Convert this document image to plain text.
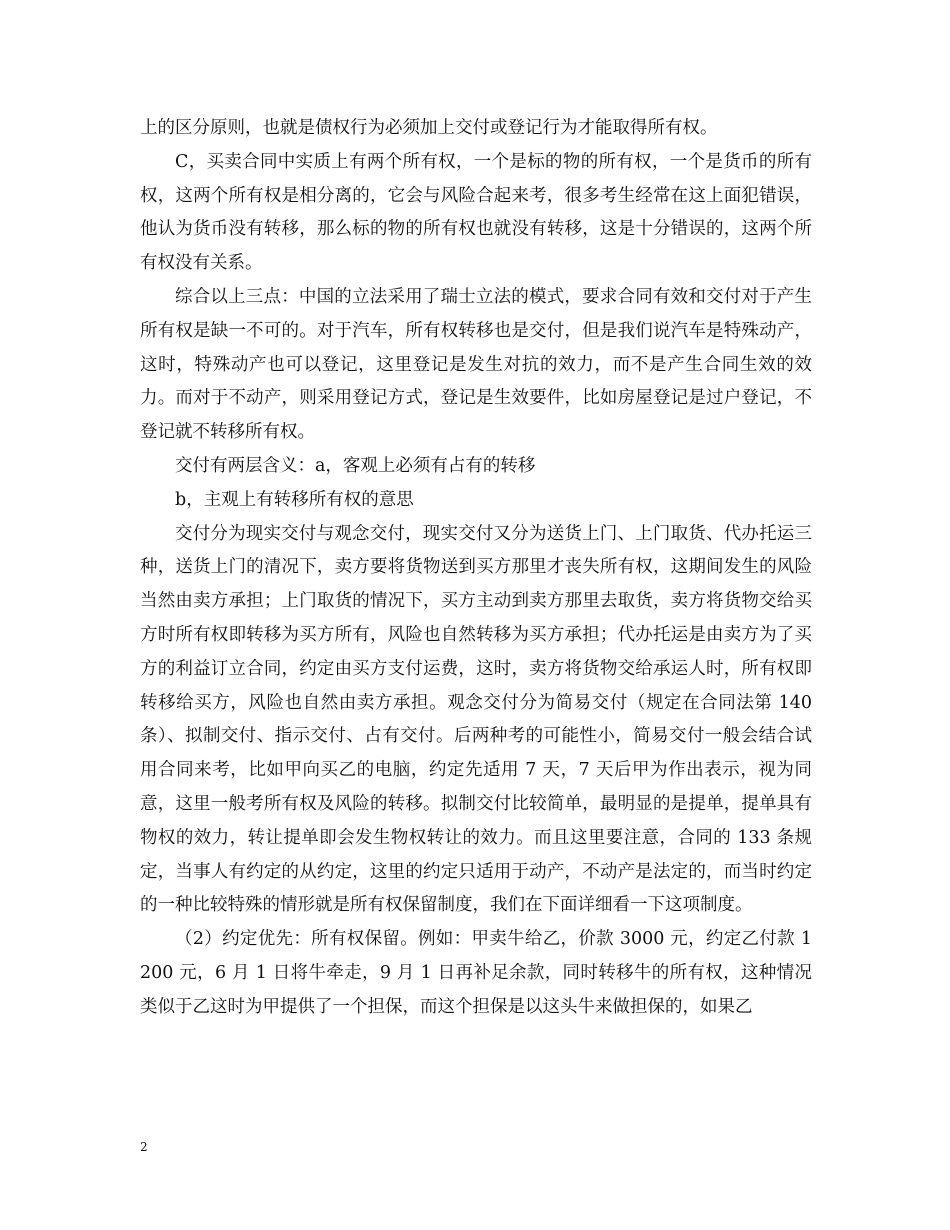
上的区分原则，也就是债权行为必须加上交付或登记行为才能取得所有权。

C，买卖合同中实质上有两个所有权，一个是标的物的所有权，一个是货币的所有权，这两个所有权是相分离的，它会与风险合起来考，很多考生经常在这上面犯错误，他认为货币没有转移，那么标的物的所有权也就没有转移，这是十分错误的，这两个所有权没有关系。

综合以上三点：中国的立法采用了瑞士立法的模式，要求合同有效和交付对于产生所有权是缺一不可的。对于汽车，所有权转移也是交付，但是我们说汽车是特殊动产，这时，特殊动产也可以登记，这里登记是发生对抗的效力，而不是产生合同生效的效力。而对于不动产，则采用登记方式，登记是生效要件，比如房屋登记是过户登记，不登记就不转移所有权。

交付有两层含义：a，客观上必须有占有的转移

b，主观上有转移所有权的意思

交付分为现实交付与观念交付，现实交付又分为送货上门、上门取货、代办托运三种，送货上门的清况下，卖方要将货物送到买方那里才丧失所有权，这期间发生的风险当然由卖方承担；上门取货的情况下，买方主动到卖方那里去取货，卖方将货物交给买方时所有权即转移为买方所有，风险也自然转移为买方承担；代办托运是由卖方为了买方的利益订立合同，约定由买方支付运费，这时，卖方将货物交给承运人时，所有权即转移给买方，风险也自然由卖方承担。观念交付分为简易交付（规定在合同法第 140 条）、拟制交付、指示交付、占有交付。后两种考的可能性小，简易交付一般会结合试用合同来考，比如甲向买乙的电脑，约定先适用 7 天，7 天后甲为作出表示，视为同意，这里一般考所有权及风险的转移。拟制交付比较简单，最明显的是提单，提单具有物权的效力，转让提单即会发生物权转让的效力。而且这里要注意，合同的 133 条规定，当事人有约定的从约定，这里的约定只适用于动产，不动产是法定的，而当时约定的一种比较特殊的情形就是所有权保留制度，我们在下面详细看一下这项制度。

（2）约定优先：所有权保留。例如：甲卖牛给乙，价款 3000 元，约定乙付款 1200 元，6 月 1 日将牛牵走，9 月 1 日再补足余款，同时转移牛的所有权，这种情况类似于乙这时为甲提供了一个担保，而这个担保是以这头牛来做担保的，如果乙

2
